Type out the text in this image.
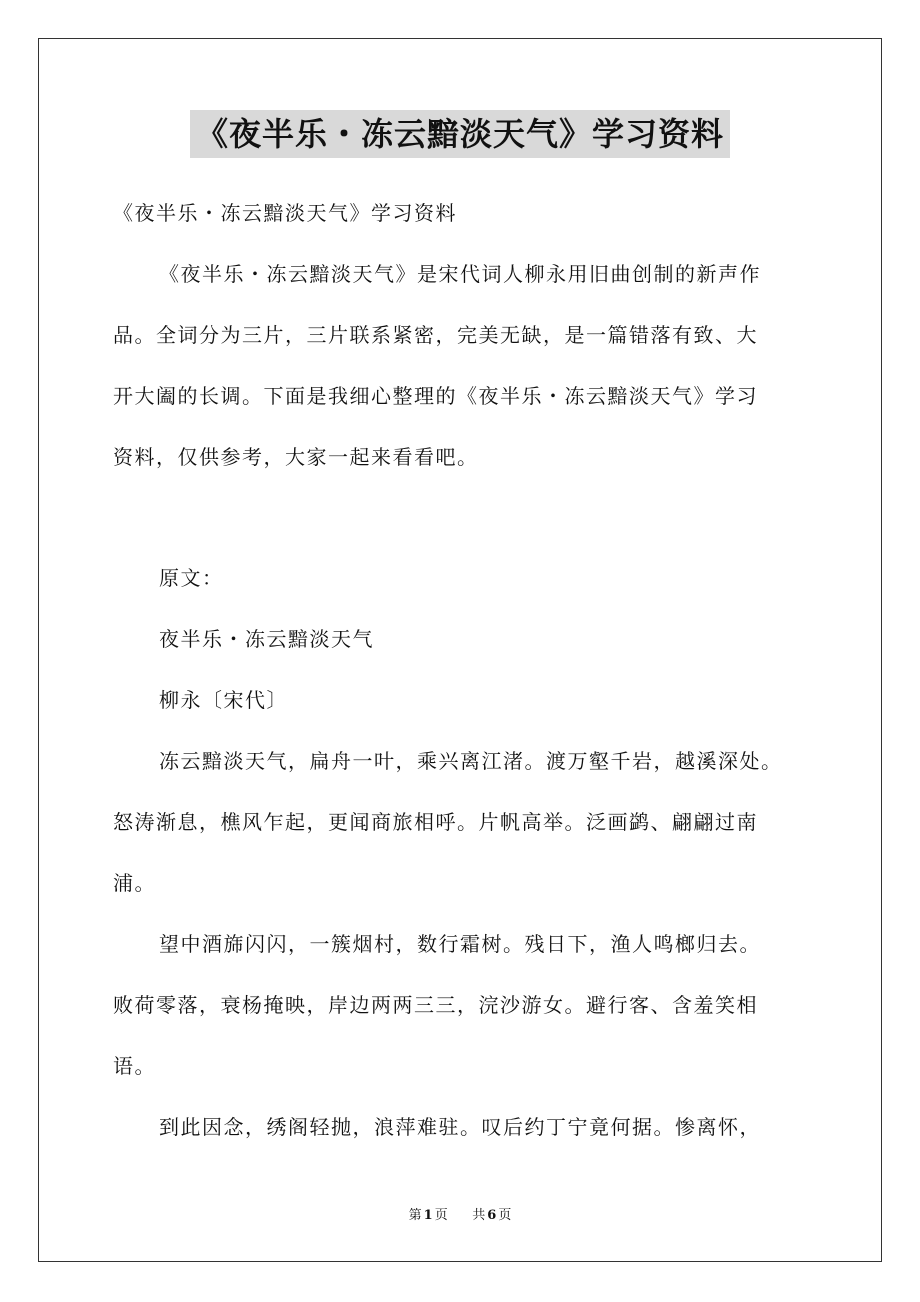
《夜半乐・冻云黯淡天气》学习资料
《夜半乐・冻云黯淡天气》学习资料
《夜半乐・冻云黯淡天气》是宋代词人柳永用旧曲创制的新声作
品。全词分为三片，三片联系紧密，完美无缺，是一篇错落有致、大
开大阖的长调。下面是我细心整理的《夜半乐・冻云黯淡天气》学习
资料，仅供参考，大家一起来看看吧。
原文：
夜半乐・冻云黯淡天气
柳永〔宋代〕
冻云黯淡天气，扁舟一叶，乘兴离江渚。渡万壑千岩，越溪深处。
怒涛渐息，樵风乍起，更闻商旅相呼。片帆高举。泛画鹢、翩翩过南
浦。
望中酒旆闪闪，一簇烟村，数行霜树。残日下，渔人鸣榔归去。
败荷零落，衰杨掩映，岸边两两三三，浣沙游女。避行客、含羞笑相
语。
到此因念，绣阁轻抛，浪萍难驻。叹后约丁宁竟何据。惨离怀，
第 1 页 共 6 页
